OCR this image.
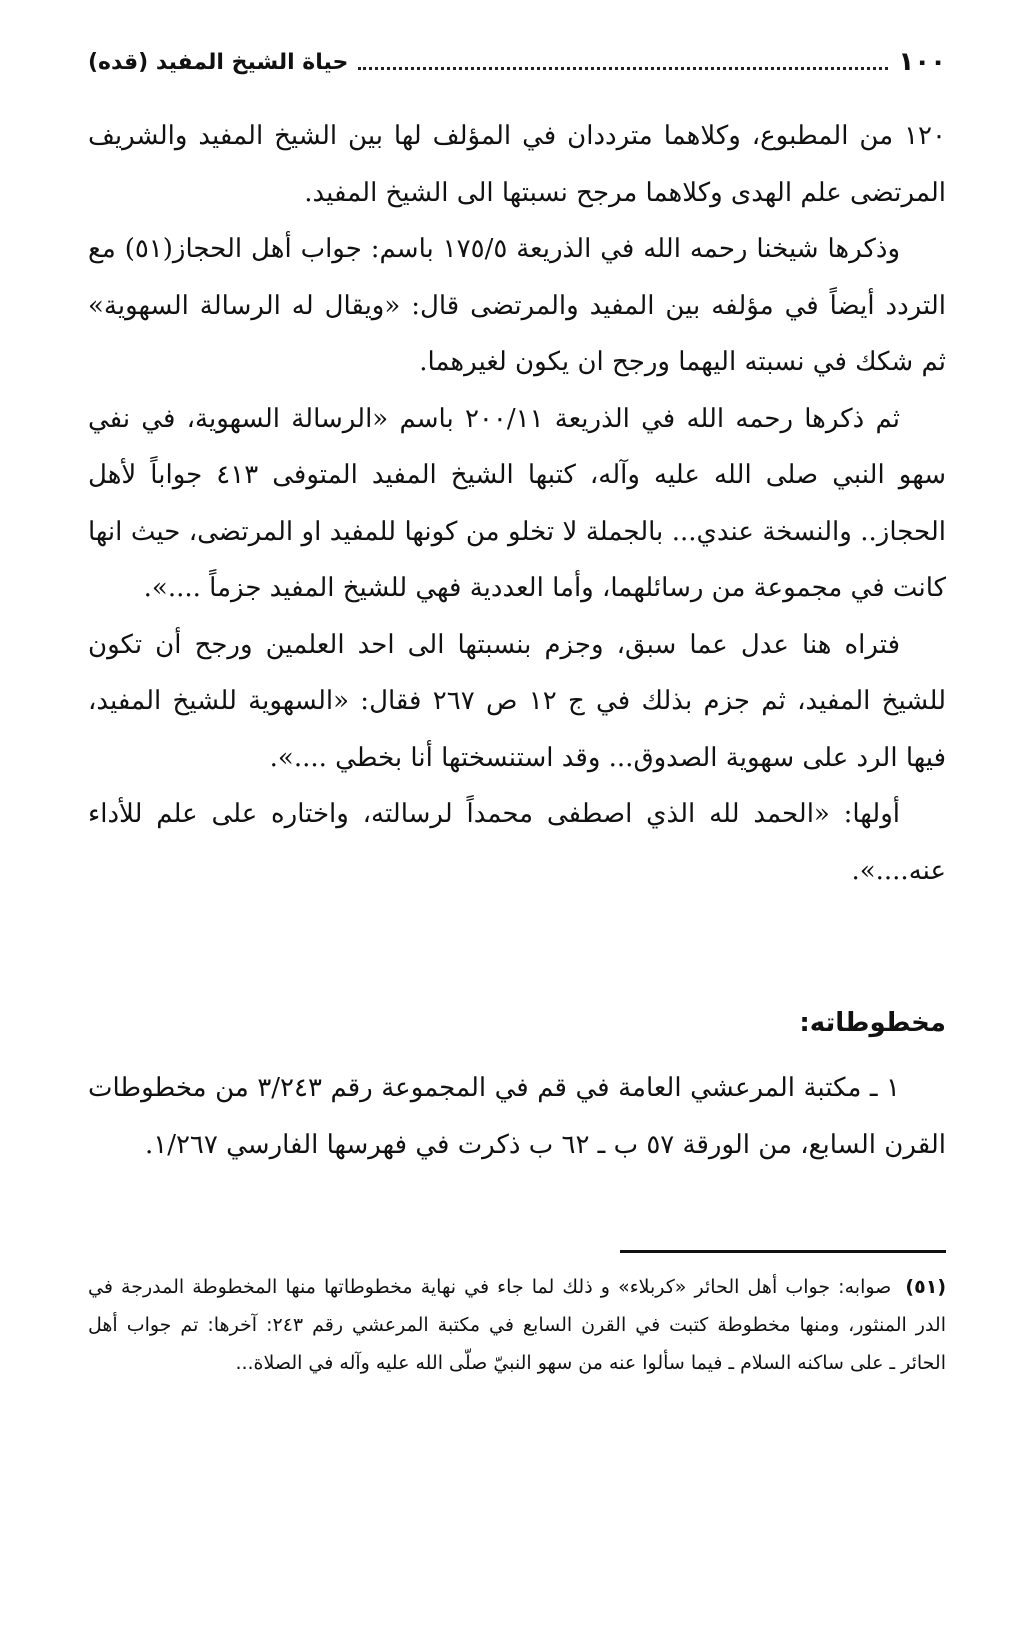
١٠٠
حياة الشيخ المفيد (قده)

١٢٠ من المطبوع، وكلاهما مترددان في المؤلف لها بين الشيخ المفيد والشريف المرتضى علم الهدى وكلاهما مرجح نسبتها الى الشيخ المفيد.

وذكرها شيخنا رحمه الله في الذريعة ١٧٥/٥ باسم: جواب أهل الحجاز(٥١) مع التردد أيضاً في مؤلفه بين المفيد والمرتضى قال: «ويقال له الرسالة السهوية» ثم شكك في نسبته اليهما ورجح ان يكون لغيرهما.

ثم ذكرها رحمه الله في الذريعة ٢٠٠/١١ باسم «الرسالة السهوية، في نفي سهو النبي صلى الله عليه وآله، كتبها الشيخ المفيد المتوفى ٤١٣ جواباً لأهل الحجاز.. والنسخة عندي... بالجملة لا تخلو من كونها للمفيد او المرتضى، حيث انها كانت في مجموعة من رسائلهما، وأما العددية فهي للشيخ المفيد جزماً ....».

فتراه هنا عدل عما سبق، وجزم بنسبتها الى احد العلمين ورجح أن تكون للشيخ المفيد، ثم جزم بذلك في ج ١٢ ص ٢٦٧ فقال: «السهوية للشيخ المفيد، فيها الرد على سهوية الصدوق... وقد استنسختها أنا بخطي ....».

أولها: «الحمد لله الذي اصطفى محمداً لرسالته، واختاره على علم للأداء عنه....».

مخطوطاته:

١ ـ مكتبة المرعشي العامة في قم في المجموعة رقم ٣/٢٤٣ من مخطوطات القرن السابع، من الورقة ٥٧ ب ـ ٦٢ ب ذكرت في فهرسها الفارسي ١/٢٦٧.

(٥١) صوابه: جواب أهل الحائر «كربلاء» و ذلك لما جاء في نهاية مخطوطاتها منها المخطوطة المدرجة في الدر المنثور، ومنها مخطوطة كتبت في القرن السابع في مكتبة المرعشي رقم ٢٤٣: آخرها: تم جواب أهل الحائر ـ على ساكنه السلام ـ فيما سألوا عنه من سهو النبيّ صلّى الله عليه وآله في الصلاة...
